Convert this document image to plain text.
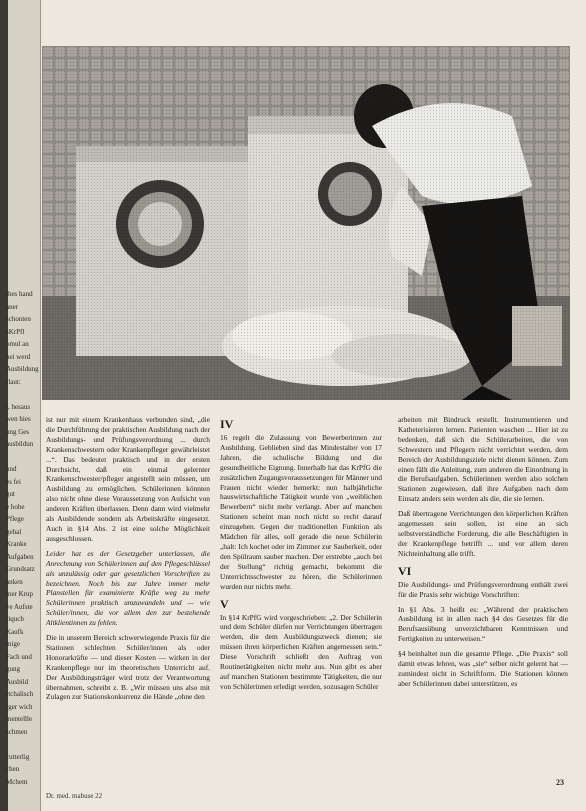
thes hand
aner
schonten
sKrPfl
omul an
hei werd
Ausbildung
rlaut:
t, hesaus
wen hies
ung Ges
ausbildun
und
es fei
gut
e hohe
Pflege
gehal
Kranke
Aufgaben
Grundsatz
anken
mer Krup
ve Aufste
riquch
Kaufk
mige
Fach und
gung
Ausbild
rtchalisch
rger wich
mentellle
schmen
cutterlig
chen
Mchem

ist nur mit einem Krankenhaus verbunden sind, „die die Durchführung der praktischen Ausbildung nach der Ausbildungs- und Prüfungsverordnung ... durch Krankenschwestern oder Krankenpfleger gewährleistet ...“. Das bedeutet praktisch und in der ersten Durchsicht, daß ein einmal gelernter Krankenschwester/pfleger angestellt sein müssen, um Ausbildung zu ermöglichen. Schülerinnen könnten also nicht ohne diese Voraussetzung von Aufsicht von anderen Kräften überlassen. Denn dann wird vielmehr als Ausbildende sondern als Arbeitskräfte eingesetzt. Auch in §14 Abs. 2 ist eine solche Möglichkeit ausgeschlossen.

Leider hat es der Gesetzgeber unterlassen, die Anrechnung von Schülerinnen auf den Pflegeschlüssel als unzulässig oder gar gesetzlichen Vorschriften zu bezeichnen. Noch bis zur Jahre immer mehr Planstellen für examinierte Kräfte weg zu mehr Schülerinnen praktisch umzuwandeln und — wie Schüler/innen, die vor allem den zur bestehende Altklientinnen zu fehlen.

Die in unserem Bereich schwerwiegende Praxis für die Stationen schlechten Schüler/innen als oder Honorarkräfte — und dieser Kosten — wirken in der Krankenpflege nur im theoretischen Unterricht auf. Der Ausbildungsträger wird trotz der Verantwortung übernahmen, schreibt z. B. „Wir müssen uns also mit Zulagen zur Stationskonkurrenz die Hände „ohne den

IV

16 regelt die Zulassung von Bewerberinnen zur Ausbildung. Geblieben sind das Mindestalter von 17 Jahren, die schulische Bildung und die gesundheitliche Eignung. Innerhalb hat das KrPfG die zusätzlichen Zugangsvoraussetzungen für Männer und Frauen nicht wieder bemerkt: nun halbjährliche hauswirtschaftliche Tätigkeit wurde von „weiblichen Bewerbern“ nicht mehr verlangt. Aber auf manchen Stationen scheint man noch nicht so recht darauf einzugehen. Gegen der traditionellen Funktion als Mädchen für alles, soll gerade die neue Schülerin „halt: Ich kochet oder im Zimmer zur Sauberkeit, oder den Spülraum sauber machen. Der erstrebte „auch bei der Stellung“ richtig gemacht, bekommt die Unterrichtsschwester zu hören, die Schülerinnen wurden nur nichts mehr.

V

In §14 KrPfG wird vorgeschrieben: „2. Der Schülerin und dem Schüler dürfen nur Verrichtungen übertragen werden, die dem Ausbildungszweck dienen; sie müssen ihren körperlichen Kräften angemessen sein.“ Diese Vorschrift schließt den Auftrag von Routinetätigkeiten nicht mehr aus. Nun gibt es aber auf manchen Stationen bestimmte Tätigkeiten, die nur von Schülerinnen erledigt werden, sozusagen Schüler

arbeiten mit Bindruck erstellt. Instrumentieren und Katheterisieren lernen. Patienten waschen ... Hier ist zu bedenken, daß sich die Schülerarbeiten, die von Schwestern und Pflegern nicht verrichtet werden, dem Bereich der Ausbildungsziele nicht dienen können. Zum einen fällt die Anleitung, zum anderen die Einordnung in die Berufsaufgaben. Schülerinnen werden also solchen Stationen zugewiesen, daß ihre Aufgaben nach dem Einsatz anders sein werden als die, die sie lernen.

Daß übertragene Verrichtungen den körperlichen Kräften angemessen sein sollen, ist eine an sich selbstverständliche Forderung, die alle Beschäftigten in der Krankenpflege betrifft ... und vor allem deren Nichteinhaltung alle trifft.

VI

Die Ausbildungs- und Prüfungsverordnung enthält zwei für die Praxis sehr wichtige Vorschriften:

In §1 Abs. 3 heißt es: „Während der praktischen Ausbildung ist in allen nach §4 des Gesetzes für die Berufsausübung unverzichtbaren Kenntnissen und Fertigkeiten zu unterweisen.“

§4 beinhaltet nun die gesamte Pflege. „Die Praxis“ soll damit etwas lehren, was „sie“ selber nicht gelernt hat — zumindest nicht in Schriftform. Die Stationen können aber Schülerinnen dabei unterstützen, es

Dr. med. mabuse 22
23
